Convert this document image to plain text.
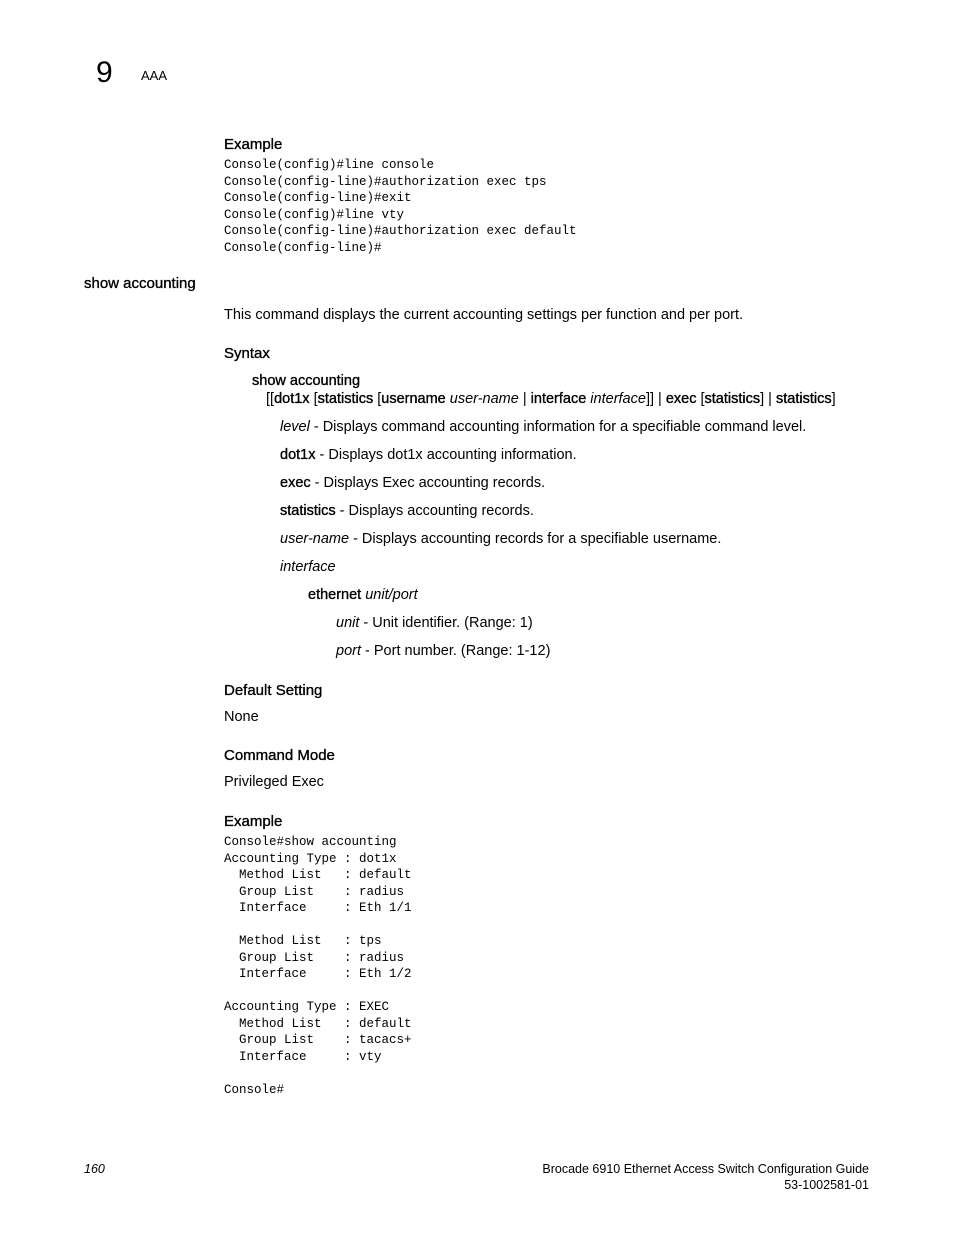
9 AAA
Example
Console(config)#line console
Console(config-line)#authorization exec tps
Console(config-line)#exit
Console(config)#line vty
Console(config-line)#authorization exec default
Console(config-line)#
show accounting
This command displays the current accounting settings per function and per port.
Syntax
show accounting
[[dot1x [statistics [username user-name | interface interface]] | exec [statistics] | statistics]
level - Displays command accounting information for a specifiable command level.
dot1x - Displays dot1x accounting information.
exec - Displays Exec accounting records.
statistics - Displays accounting records.
user-name - Displays accounting records for a specifiable username.
interface
ethernet unit/port
unit - Unit identifier. (Range: 1)
port - Port number. (Range: 1-12)
Default Setting
None
Command Mode
Privileged Exec
Example
Console#show accounting
Accounting Type : dot1x
Method List   : default
Group List    : radius
Interface     : Eth 1/1

Method List   : tps
Group List    : radius
Interface     : Eth 1/2

Accounting Type : EXEC
Method List   : default
Group List    : tacacs+
Interface     : vty

Console#
160	Brocade 6910 Ethernet Access Switch Configuration Guide
53-1002581-01
